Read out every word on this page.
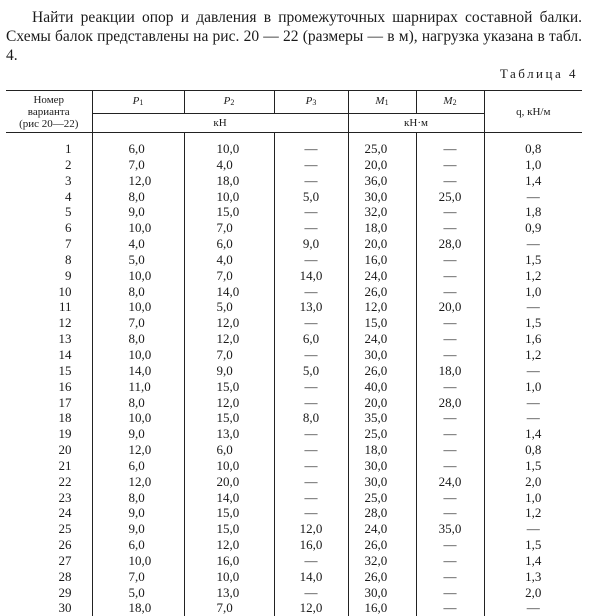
Найти реакции опор и давления в промежуточных шарнирах составной балки. Схемы балок представлены на рис. 20 — 22 (размеры — в м), нагрузка указана в табл. 4.

Таблица 4
Номер варианта (рис 20—22)	P1	P2	P3	M1	M2	q, кН/м
	кН			кН·м		

1	6,0	10,0	—	25,0	—	0,8
2	7,0	4,0	—	20,0	—	1,0
3	12,0	18,0	—	36,0	—	1,4
4	8,0	10,0	5,0	30,0	25,0	—
5	9,0	15,0	—	32,0	—	1,8
6	10,0	7,0	—	18,0	—	0,9
7	4,0	6,0	9,0	20,0	28,0	—
8	5,0	4,0	—	16,0	—	1,5
9	10,0	7,0	14,0	24,0	—	1,2
10	8,0	14,0	—	26,0	—	1,0
11	10,0	5,0	13,0	12,0	20,0	—
12	7,0	12,0	—	15,0	—	1,5
13	8,0	12,0	6,0	24,0	—	1,6
14	10,0	7,0	—	30,0	—	1,2
15	14,0	9,0	5,0	26,0	18,0	—
16	11,0	15,0	—	40,0	—	1,0
17	8,0	12,0	—	20,0	28,0	—
18	10,0	15,0	8,0	35,0	—	—
19	9,0	13,0	—	25,0	—	1,4
20	12,0	6,0	—	18,0	—	0,8
21	6,0	10,0	—	30,0	—	1,5
22	12,0	20,0	—	30,0	24,0	2,0
23	8,0	14,0	—	25,0	—	1,0
24	9,0	15,0	—	28,0	—	1,2
25	9,0	15,0	12,0	24,0	35,0	—
26	6,0	12,0	16,0	26,0	—	1,5
27	10,0	16,0	—	32,0	—	1,4
28	7,0	10,0	14,0	26,0	—	1,3
29	5,0	13,0	—	30,0	—	2,0
30	18,0	7,0	12,0	16,0	—	—
